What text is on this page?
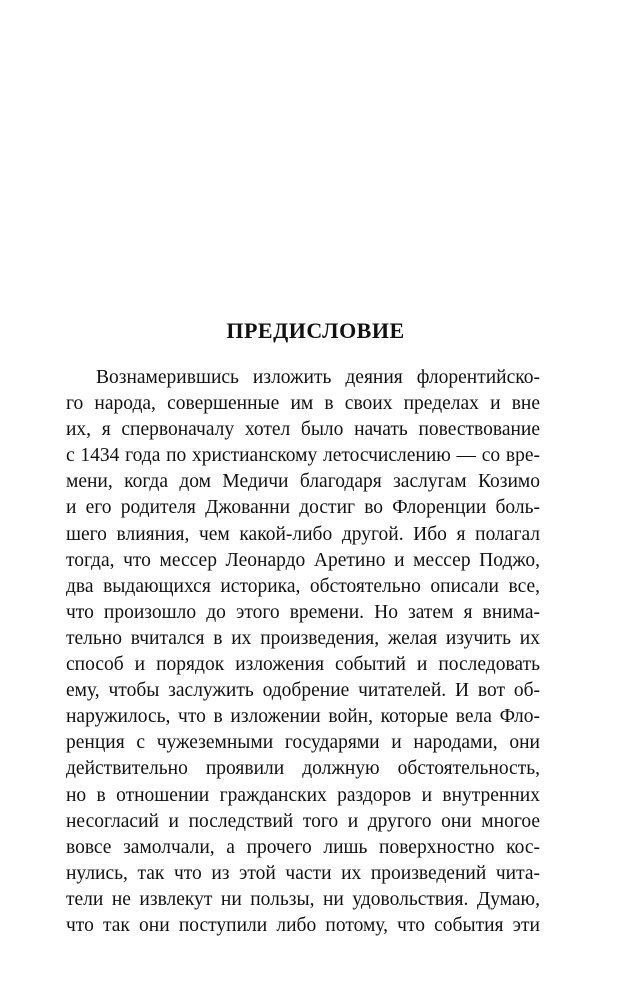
ПРЕДИСЛОВИЕ
Вознамерившись изложить деяния флорентийско-
го народа, совершенные им в своих пределах и вне
их, я спервоначалу хотел было начать повествование
с 1434 года по христианскому летосчислению — со вре-
мени, когда дом Медичи благодаря заслугам Козимо
и его родителя Джованни достиг во Флоренции боль-
шего влияния, чем какой-либо другой. Ибо я полагал
тогда, что мессер Леонардо Аретино и мессер Поджо,
два выдающихся историка, обстоятельно описали все,
что произошло до этого времени. Но затем я внима-
тельно вчитался в их произведения, желая изучить их
способ и порядок изложения событий и последовать
ему, чтобы заслужить одобрение читателей. И вот об-
наружилось, что в изложении войн, которые вела Фло-
ренция с чужеземными государями и народами, они
действительно проявили должную обстоятельность,
но в отношении гражданских раздоров и внутренних
несогласий и последствий того и другого они многое
вовсе замолчали, а прочего лишь поверхностно кос-
нулись, так что из этой части их произведений чита-
тели не извлекут ни пользы, ни удовольствия. Думаю,
что так они поступили либо потому, что события эти
